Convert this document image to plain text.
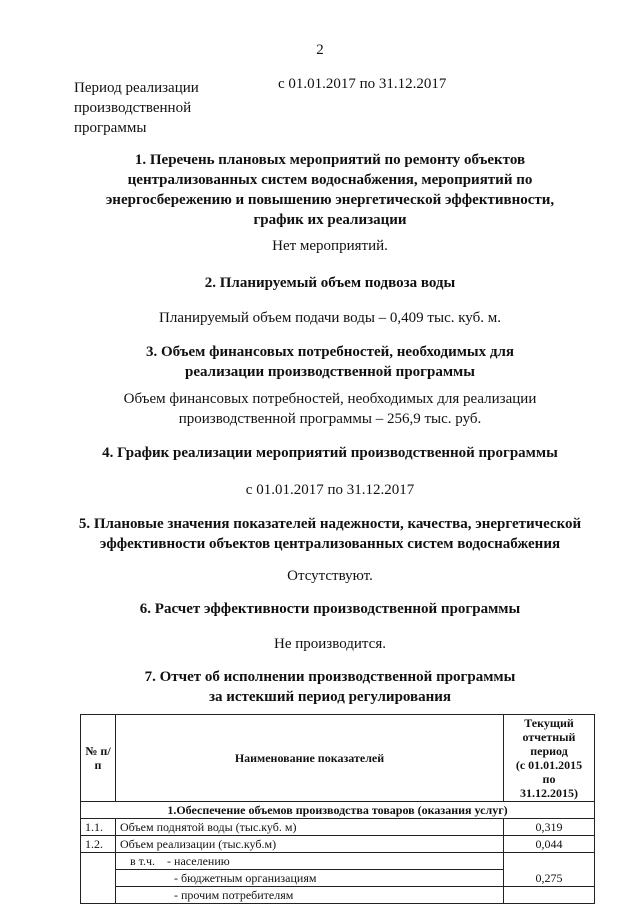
2
Период реализации
производственной
программы
с 01.01.2017 по 31.12.2017
1. Перечень плановых мероприятий по ремонту объектов
централизованных систем водоснабжения, мероприятий по
энергосбережению и повышению энергетической эффективности,
график их реализации
Нет мероприятий.
2. Планируемый объем подвоза воды
Планируемый объем подачи воды – 0,409 тыс. куб. м.
3. Объем финансовых потребностей, необходимых для
реализации производственной программы
Объем финансовых потребностей, необходимых для реализации
производственной программы – 256,9 тыс. руб.
4. График реализации мероприятий производственной программы
с 01.01.2017 по 31.12.2017
5. Плановые значения показателей надежности, качества, энергетической
эффективности объектов централизованных систем водоснабжения
Отсутствуют.
6. Расчет эффективности производственной программы
Не производится.
7. Отчет об исполнении производственной программы
за истекший период регулирования
№ п/п	Наименование показателей	Текущий
отчетный период
(с 01.01.2015 по
31.12.2015)

1.Обеспечение объемов производства товаров (оказания услуг)		
1.1.	Объем поднятой воды (тыс.куб. м)	0,319
1.2.	Объем реализации (тыс.куб.м)	0,044
	в т.ч. - населению	
	- бюджетным организациям	0,275
	- прочим потребителям	
